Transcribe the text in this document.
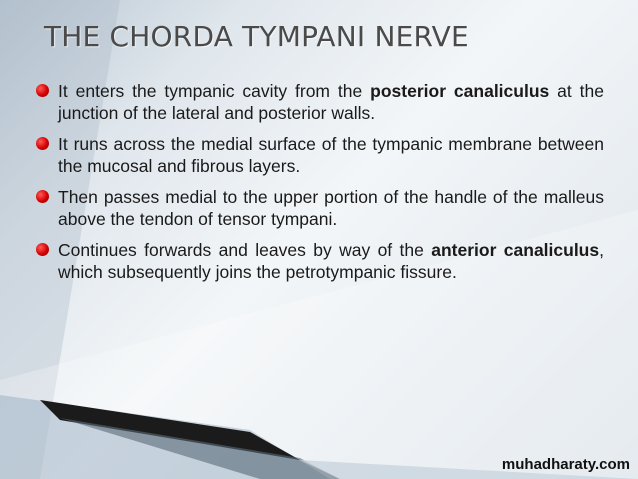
THE CHORDA TYMPANI NERVE
It enters the tympanic cavity from the posterior canaliculus at the junction of the lateral and posterior walls.
It runs across the medial surface of the tympanic membrane between the mucosal and fibrous layers.
Then passes medial to the upper portion of the handle of the malleus above the tendon of tensor tympani.
Continues forwards and leaves by way of the anterior canaliculus, which subsequently joins the petrotympanic fissure.
muhadharaty.com
